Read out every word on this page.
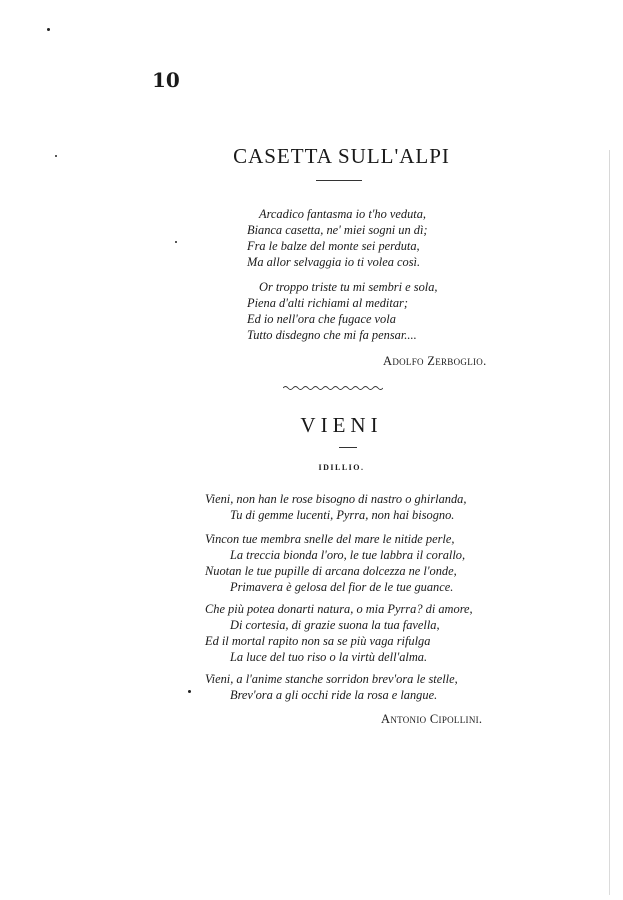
10
CASETTA SULL'ALPI
Arcadico fantasma io t'ho veduta,
Bianca casetta, ne' miei sogni un dì;
Fra le balze del monte sei perduta,
Ma allor selvaggia io ti volea così.
Or troppo triste tu mi sembri e sola,
Piena d'alti richiami al meditar;
Ed io nell'ora che fugace vola
Tutto disdegno che mi fa pensar....
Adolfo Zerboglio.
VIENI
IDILLIO.
Vieni, non han le rose bisogno di nastro o ghirlanda,
Tu di gemme lucenti, Pyrra, non hai bisogno.
Vincon tue membra snelle del mare le nitide perle,
La treccia bionda l'oro, le tue labbra il corallo,
Nuotan le tue pupille di arcana dolcezza ne l'onde,
Primavera è gelosa del fior de le tue guance.
Che più potea donarti natura, o mia Pyrra? di amore,
Di cortesia, di grazie suona la tua favella,
Ed il mortal rapito non sa se più vaga rifulga
La luce del tuo riso o la virtù dell'alma.
Vieni, a l'anime stanche sorridon brev'ora le stelle,
Brev'ora a gli occhi ride la rosa e langue.
Antonio Cipollini.
